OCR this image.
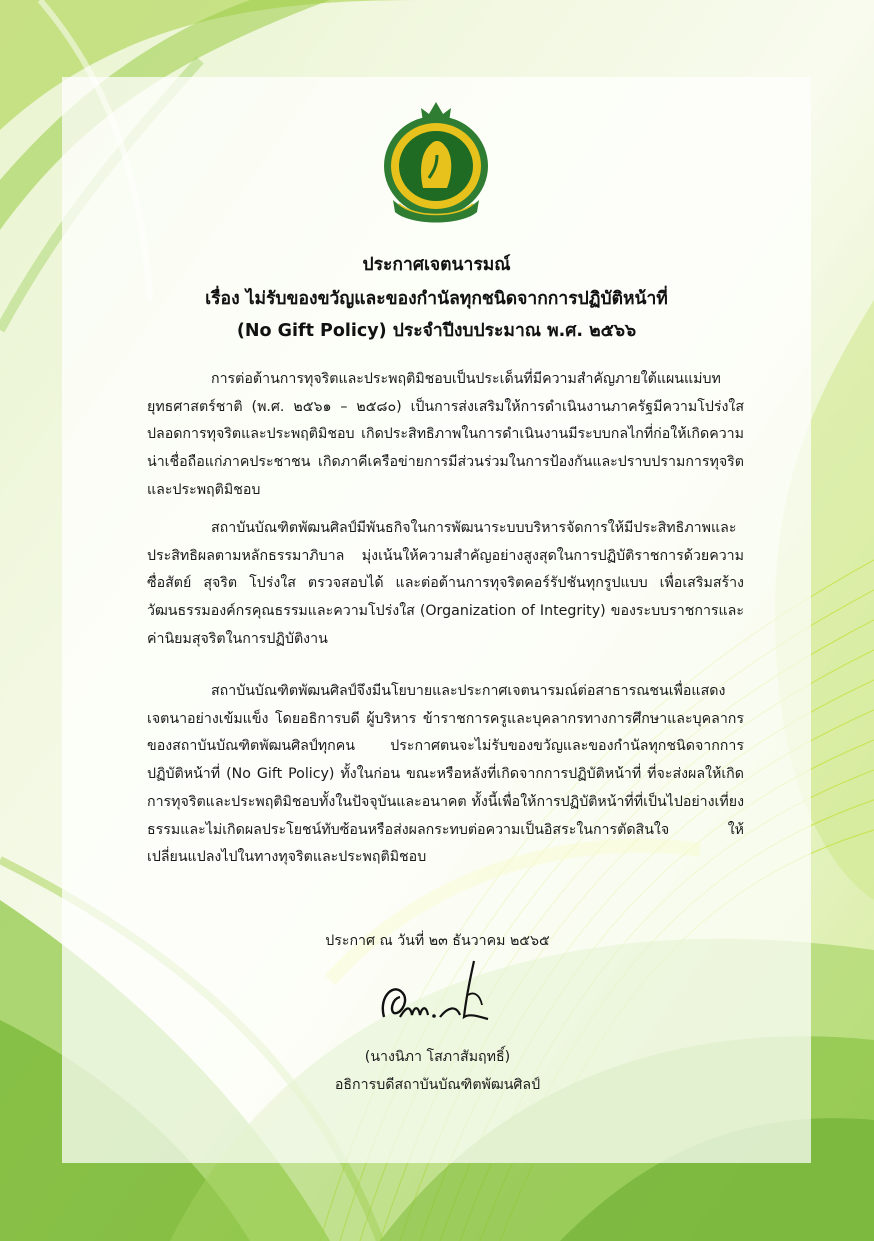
ประกาศเจตนารมณ์
เรื่อง ไม่รับของขวัญและของกำนัลทุกชนิดจากการปฏิบัติหน้าที่
(No Gift Policy) ประจำปีงบประมาณ พ.ศ. ๒๕๖๖

การต่อต้านการทุจริตและประพฤติมิชอบเป็นประเด็นที่มีความสำคัญภายใต้แผนแม่บทยุทธศาสตร์ชาติ (พ.ศ. ๒๕๖๑ – ๒๕๘๐) เป็นการส่งเสริมให้การดำเนินงานภาครัฐมีความโปร่งใสปลอดการทุจริตและประพฤติมิชอบ เกิดประสิทธิภาพในการดำเนินงานมีระบบกลไกที่ก่อให้เกิดความน่าเชื่อถือแก่ภาคประชาชน เกิดภาคีเครือข่ายการมีส่วนร่วมในการป้องกันและปราบปรามการทุจริต และประพฤติมิชอบ

สถาบันบัณฑิตพัฒนศิลป์มีพันธกิจในการพัฒนาระบบบริหารจัดการให้มีประสิทธิภาพและประสิทธิผลตามหลักธรรมาภิบาล มุ่งเน้นให้ความสำคัญอย่างสูงสุดในการปฏิบัติราชการด้วยความซื่อสัตย์ สุจริต โปร่งใส ตรวจสอบได้ และต่อต้านการทุจริตคอร์รัปชันทุกรูปแบบ เพื่อเสริมสร้างวัฒนธรรมองค์กรคุณธรรมและความโปร่งใส (Organization of Integrity) ของระบบราชการและค่านิยมสุจริตในการปฏิบัติงาน

สถาบันบัณฑิตพัฒนศิลป์จึงมีนโยบายและประกาศเจตนารมณ์ต่อสาธารณชนเพื่อแสดงเจตนาอย่างเข้มแข็ง โดยอธิการบดี ผู้บริหาร ข้าราชการครูและบุคลากรทางการศึกษาและบุคลากรของสถาบันบัณฑิตพัฒนศิลป์ทุกคน ประกาศตนจะไม่รับของขวัญและของกำนัลทุกชนิดจากการปฏิบัติหน้าที่ (No Gift Policy) ทั้งในก่อน ขณะหรือหลังที่เกิดจากการปฏิบัติหน้าที่ ที่จะส่งผลให้เกิดการทุจริตและประพฤติมิชอบทั้งในปัจจุบันและอนาคต ทั้งนี้เพื่อให้การปฏิบัติหน้าที่ที่เป็นไปอย่างเที่ยงธรรมและไม่เกิดผลประโยชน์ทับซ้อนหรือส่งผลกระทบต่อความเป็นอิสระในการตัดสินใจ ให้เปลี่ยนแปลงไปในทางทุจริตและประพฤติมิชอบ

ประกาศ ณ วันที่ ๒๓ ธันวาคม ๒๕๖๕
(นางนิภา โสภาสัมฤทธิ์)
อธิการบดีสถาบันบัณฑิตพัฒนศิลป์
